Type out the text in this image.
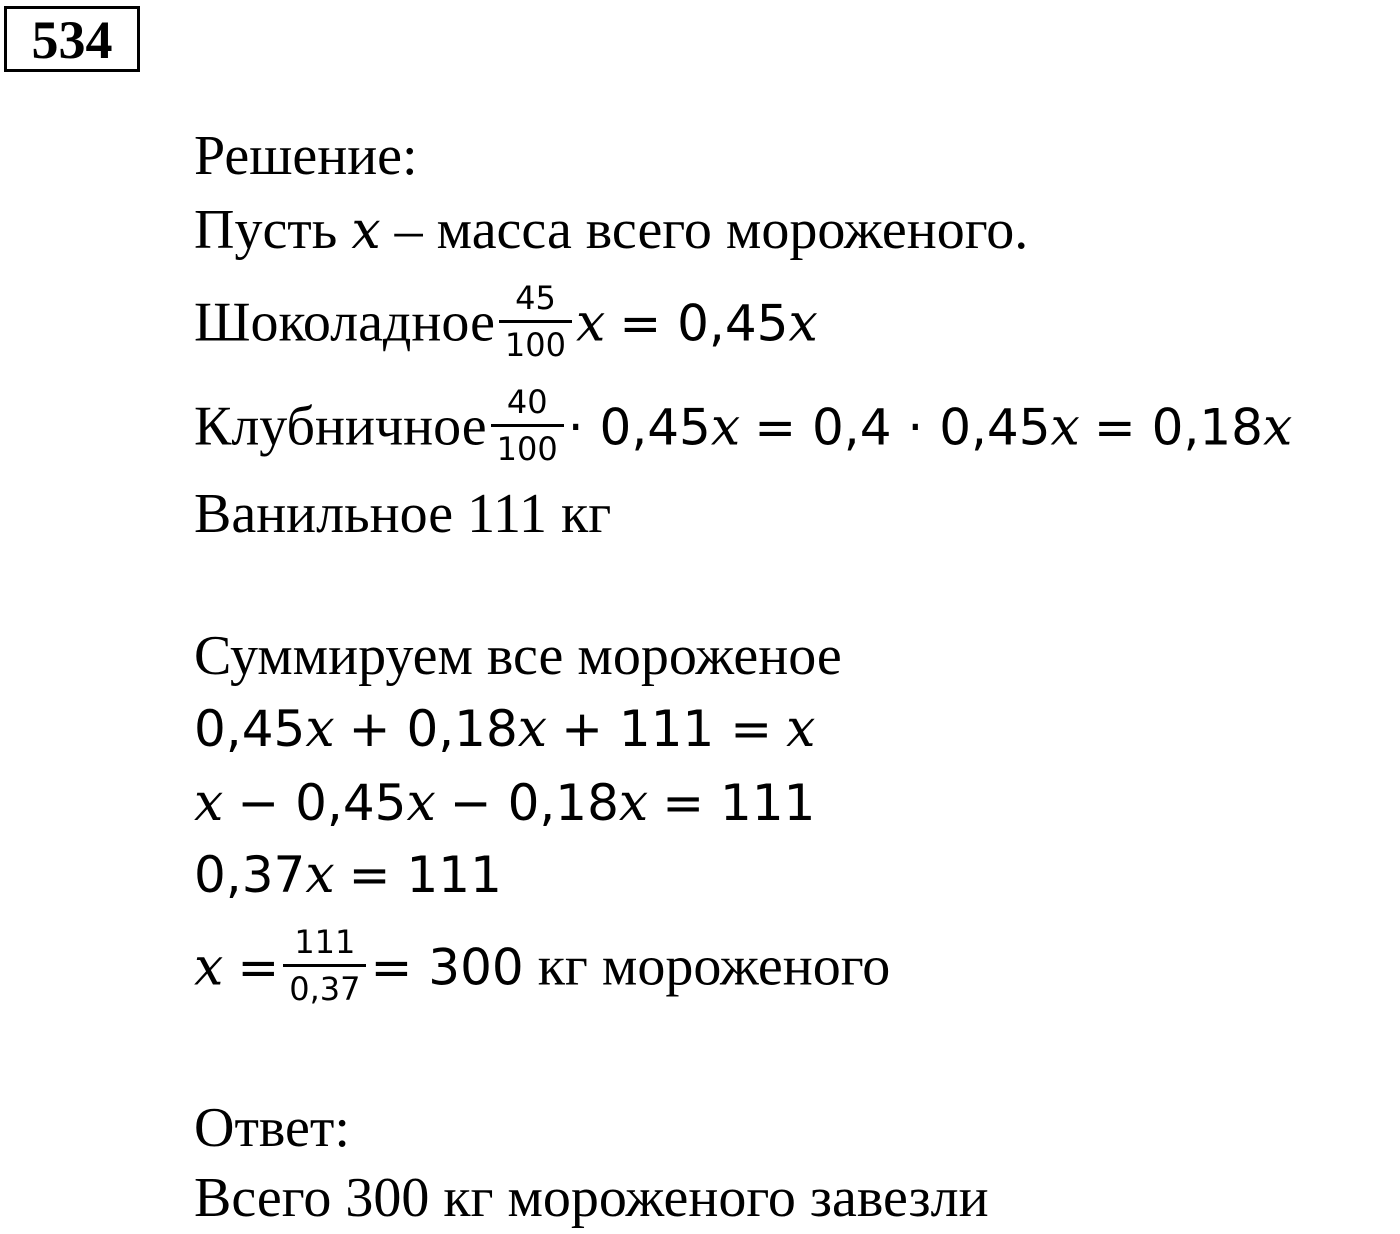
534
Решение:
Пусть x – масса всего мороженого.
Шоколадное $\frac{45}{100}$ x = 0,45x
Клубничное $\frac{40}{100} \cdot 0,45x = 0,4 \cdot 0,45x = 0,18x$
Ванильное 111 кг
Суммируем все мороженое
0,45x + 0,18x + 111 = x
x − 0,45x − 0,18x = 111
0,37x = 111
$x = \frac{111}{0,37} = 300$ кг мороженого
Ответ:
Всего 300 кг мороженого завезли
